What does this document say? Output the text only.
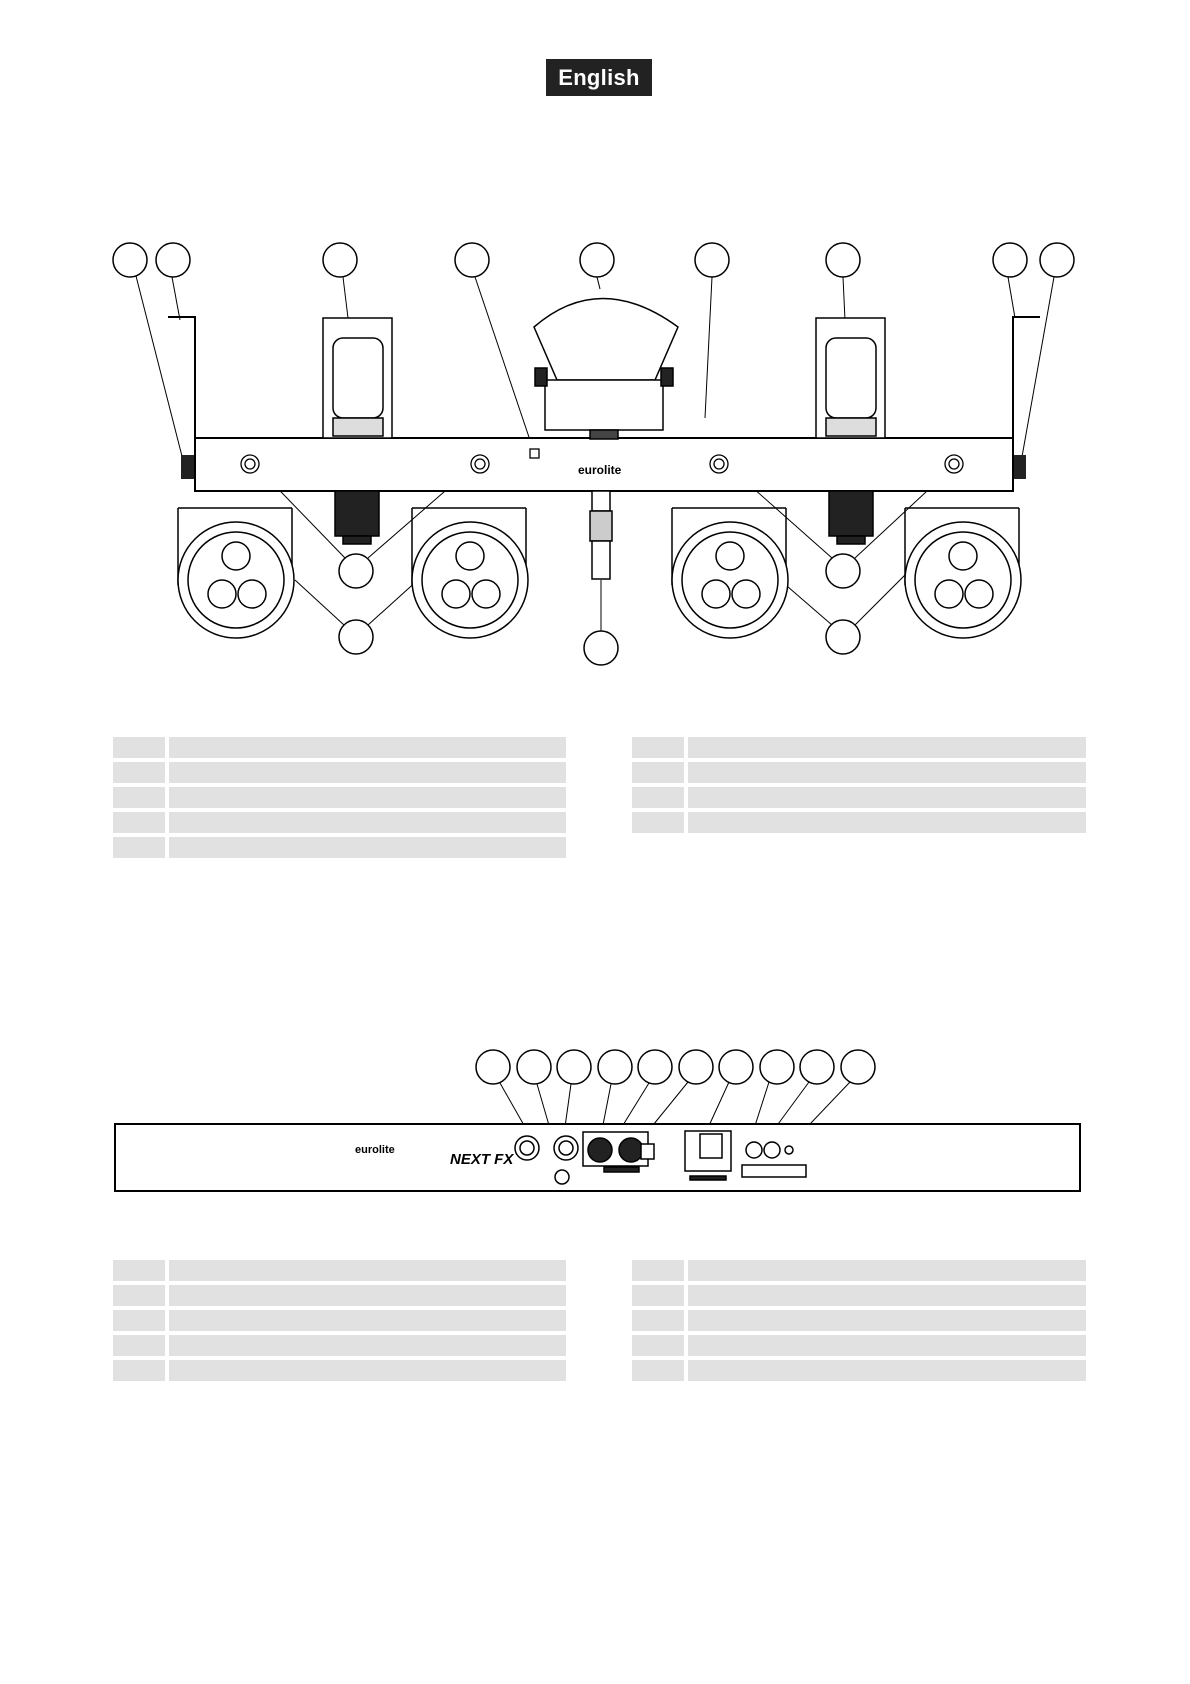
English
eurolite

eurolite
NEXT FX
